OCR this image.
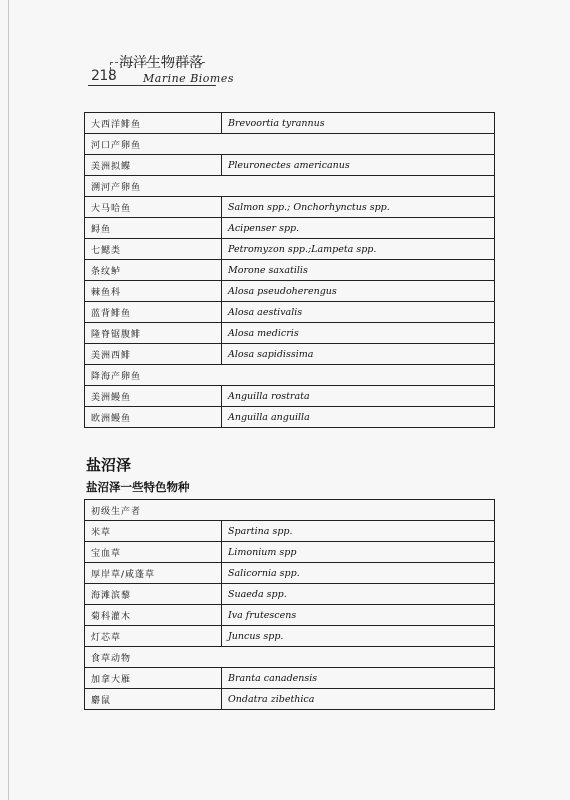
218
海洋生物群落
Marine Biomes
大西洋鲱鱼	Brevoortia tyrannus
河口产卵鱼	
美洲拟鲽	Pleuronectes americanus
溯河产卵鱼	
大马哈鱼	Salmon spp.; Onchorhynctus spp.
鲟鱼	Acipenser spp.
七鳃类	Petromyzon spp.;Lampeta spp.
条纹鲈	Morone saxatilis
棘鱼科	Alosa pseudoherengus
蓝背鲱鱼	Alosa aestivalis
隆脊锯腹鲱	Alosa medicris
美洲西鲱	Alosa sapidissima
降海产卵鱼	
美洲鳗鱼	Anguilla rostrata
欧洲鳗鱼	Anguilla anguilla
盐沼泽
盐沼泽一些特色物种
初级生产者	
米草	Spartina spp.
宝血草	Limonium spp
厚岸草/咸蓬草	Salicornia spp.
海滩滨藜	Suaeda spp.
菊科灌木	Iva frutescens
灯芯草	Juncus spp.
食草动物	
加拿大雁	Branta canadensis
麝鼠	Ondatra zibethica
